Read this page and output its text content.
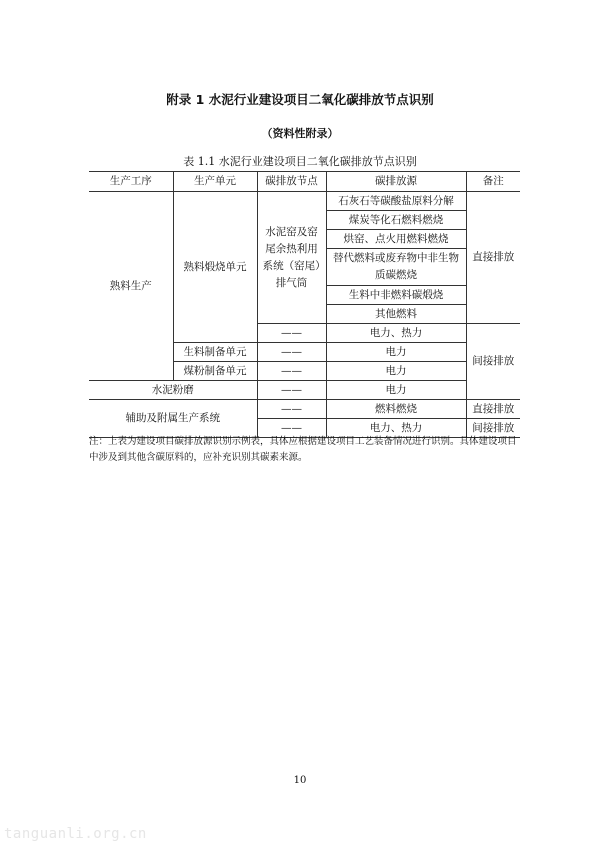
附录 1 水泥行业建设项目二氧化碳排放节点识别
（资料性附录）
表 1.1 水泥行业建设项目二氧化碳排放节点识别
生产工序	生产单元	碳排放节点	碳排放源	备注
熟料生产	熟料煅烧单元	水泥窑及窑尾余热利用系统（窑尾）排气筒	石灰石等碳酸盐原料分解	直接排放
			煤炭等化石燃料燃烧	
			烘窑、点火用燃料燃烧	
			替代燃料或废弃物中非生物质碳燃烧	
			生料中非燃料碳煅烧	
			其他燃料	
		——	电力、热力	间接排放
	生料制备单元	——	电力	
	煤粉制备单元	——	电力	
水泥粉磨		——	电力	
辅助及附属生产系统		——	燃料燃烧	直接排放
		——	电力、热力	间接排放
注：上表为建设项目碳排放源识别示例表，具体应根据建设项目工艺装备情况进行识别。具体建设项目中涉及到其他含碳原料的，应补充识别其碳素来源。
10
tanguanli.org.cn
